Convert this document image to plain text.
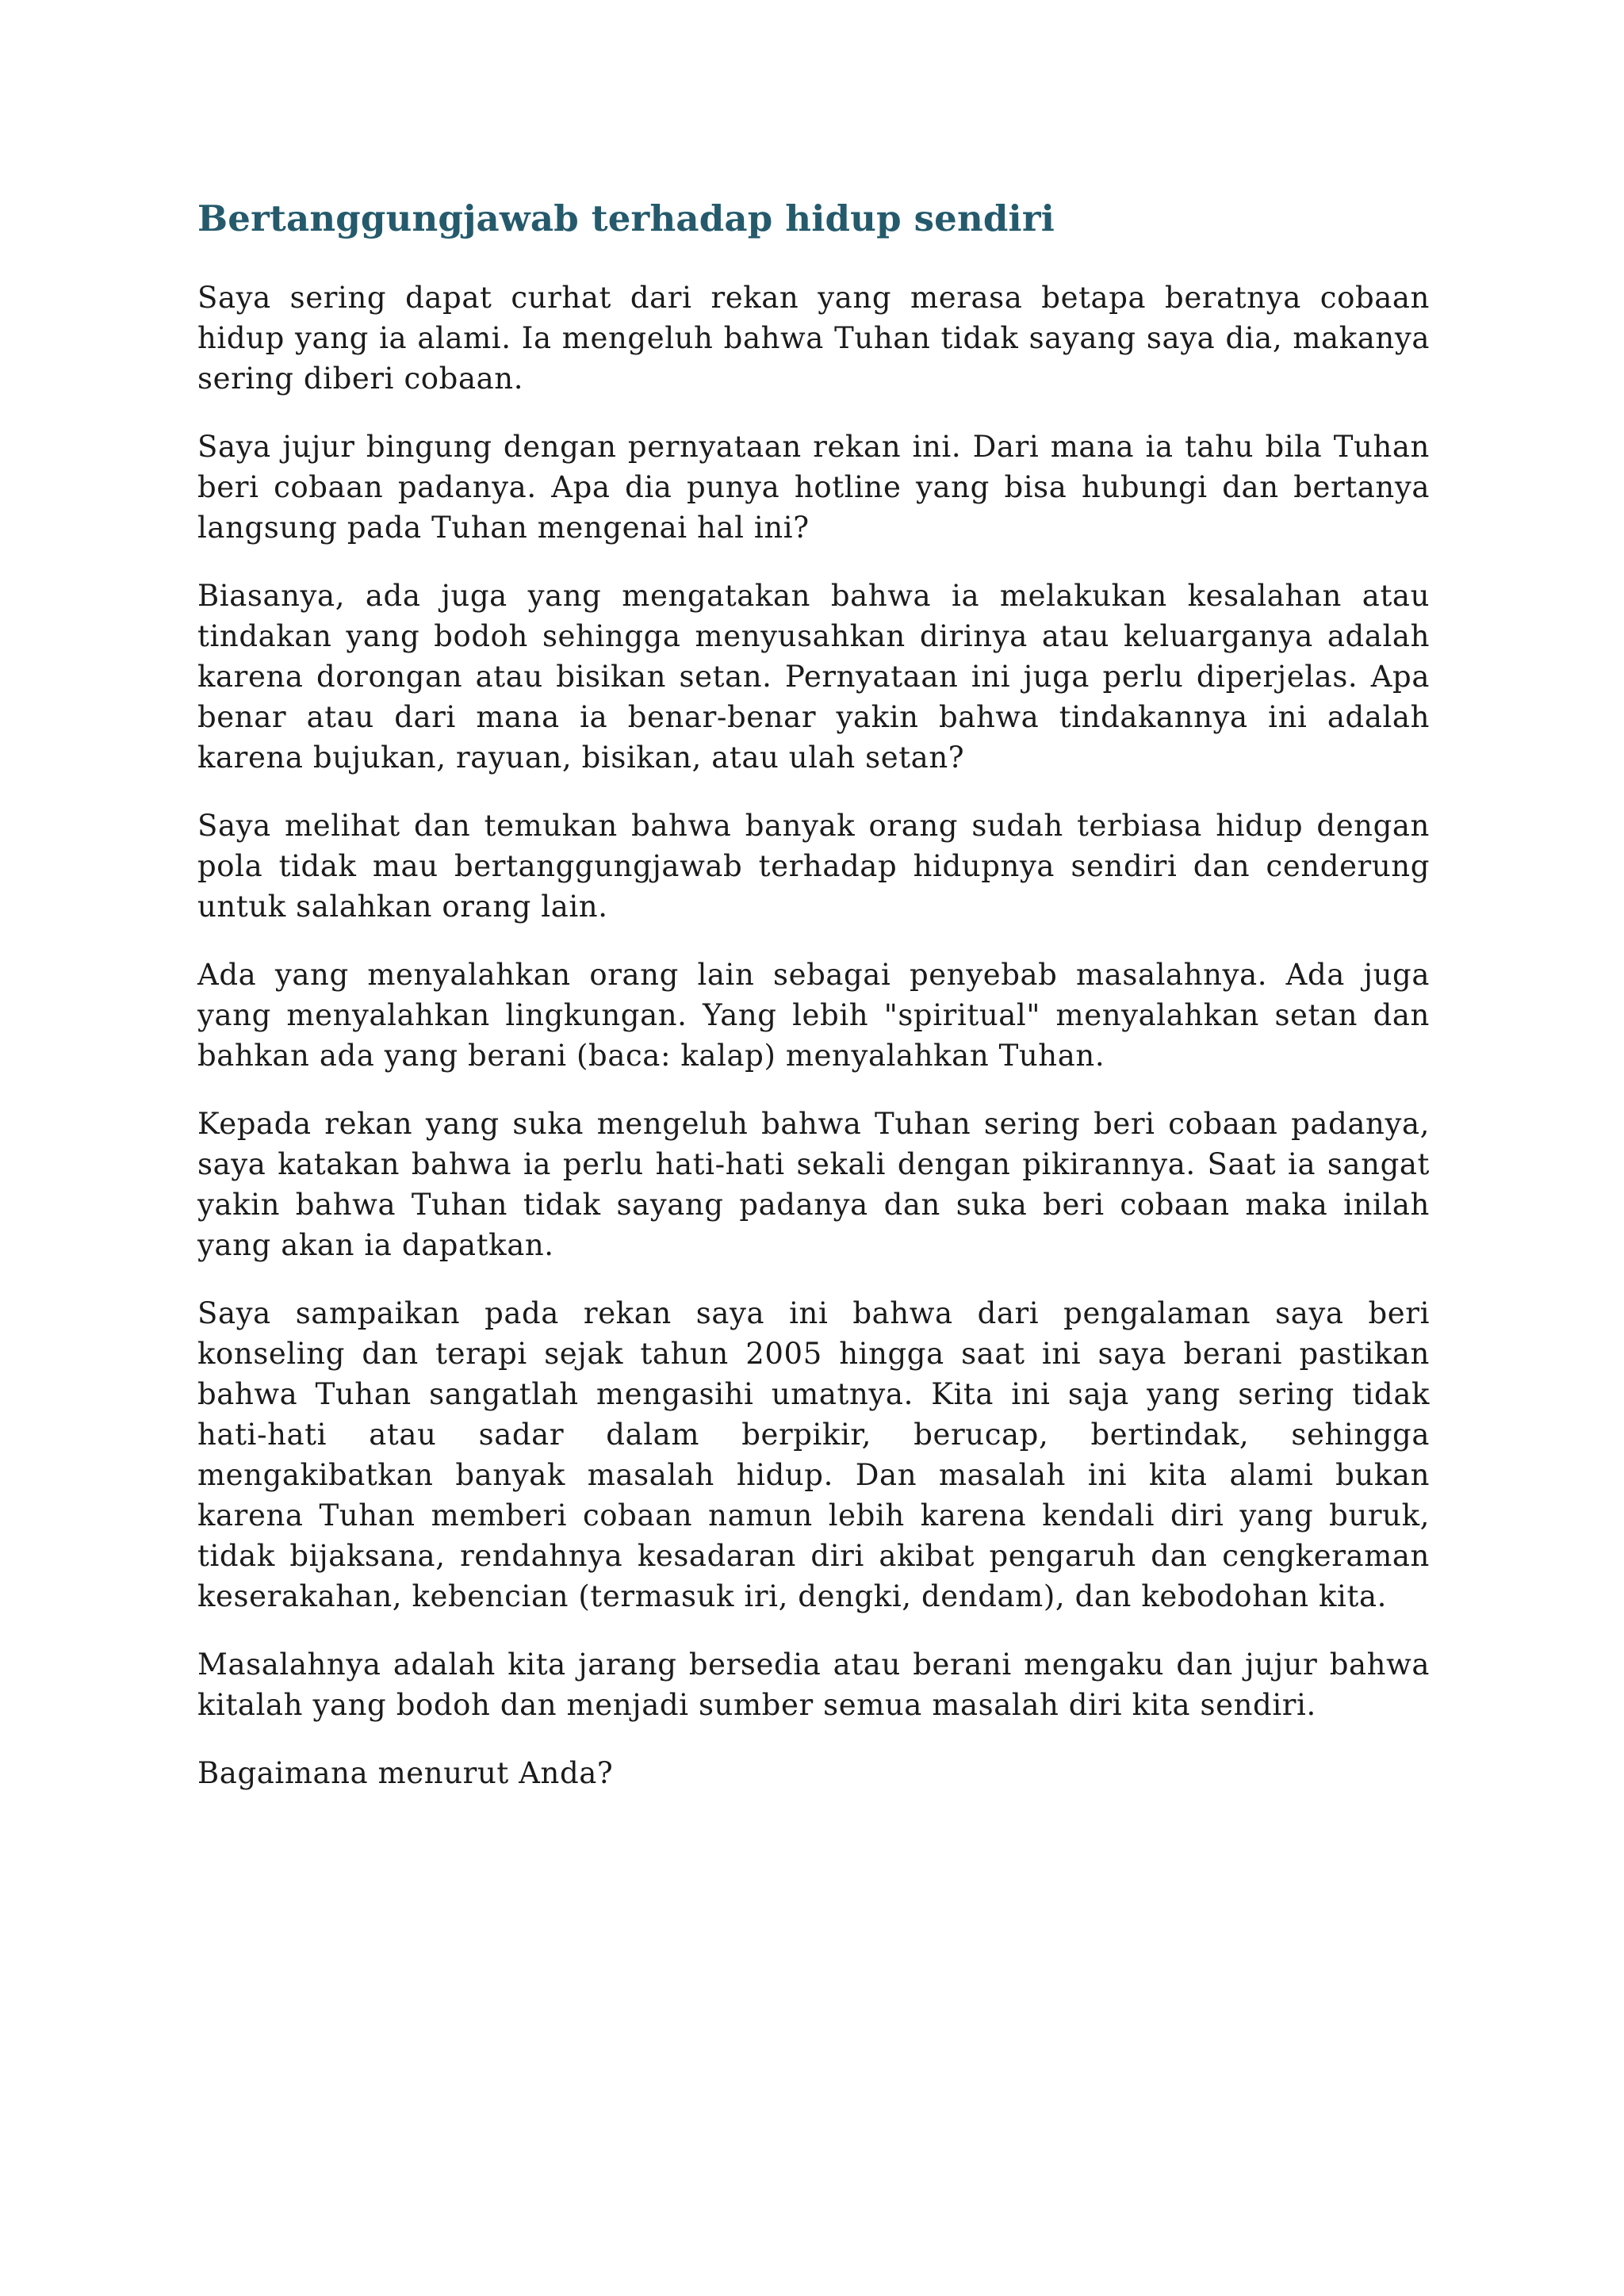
Bertanggungjawab terhadap hidup sendiri

Saya sering dapat curhat dari rekan yang merasa betapa beratnya cobaan hidup yang ia alami. Ia mengeluh bahwa Tuhan tidak sayang saya dia, makanya sering diberi cobaan.

Saya jujur bingung dengan pernyataan rekan ini. Dari mana ia tahu bila Tuhan beri cobaan padanya. Apa dia punya hotline yang bisa hubungi dan bertanya langsung pada Tuhan mengenai hal ini?

Biasanya, ada juga yang mengatakan bahwa ia melakukan kesalahan atau tindakan yang bodoh sehingga menyusahkan dirinya atau keluarganya adalah karena dorongan atau bisikan setan. Pernyataan ini juga perlu diperjelas. Apa benar atau dari mana ia benar-benar yakin bahwa tindakannya ini adalah karena bujukan, rayuan, bisikan, atau ulah setan?

Saya melihat dan temukan bahwa banyak orang sudah terbiasa hidup dengan pola tidak mau bertanggungjawab terhadap hidupnya sendiri dan cenderung untuk salahkan orang lain.

Ada yang menyalahkan orang lain sebagai penyebab masalahnya. Ada juga yang menyalahkan lingkungan. Yang lebih "spiritual" menyalahkan setan dan bahkan ada yang berani (baca: kalap) menyalahkan Tuhan.

Kepada rekan yang suka mengeluh bahwa Tuhan sering beri cobaan padanya, saya katakan bahwa ia perlu hati-hati sekali dengan pikirannya. Saat ia sangat yakin bahwa Tuhan tidak sayang padanya dan suka beri cobaan maka inilah yang akan ia dapatkan.

Saya sampaikan pada rekan saya ini bahwa dari pengalaman saya beri konseling dan terapi sejak tahun 2005 hingga saat ini saya berani pastikan bahwa Tuhan sangatlah mengasihi umatnya. Kita ini saja yang sering tidak hati-hati atau sadar dalam berpikir, berucap, bertindak, sehingga mengakibatkan banyak masalah hidup. Dan masalah ini kita alami bukan karena Tuhan memberi cobaan namun lebih karena kendali diri yang buruk, tidak bijaksana, rendahnya kesadaran diri akibat pengaruh dan cengkeraman keserakahan, kebencian (termasuk iri, dengki, dendam), dan kebodohan kita.

Masalahnya adalah kita jarang bersedia atau berani mengaku dan jujur bahwa kitalah yang bodoh dan menjadi sumber semua masalah diri kita sendiri.

Bagaimana menurut Anda?
